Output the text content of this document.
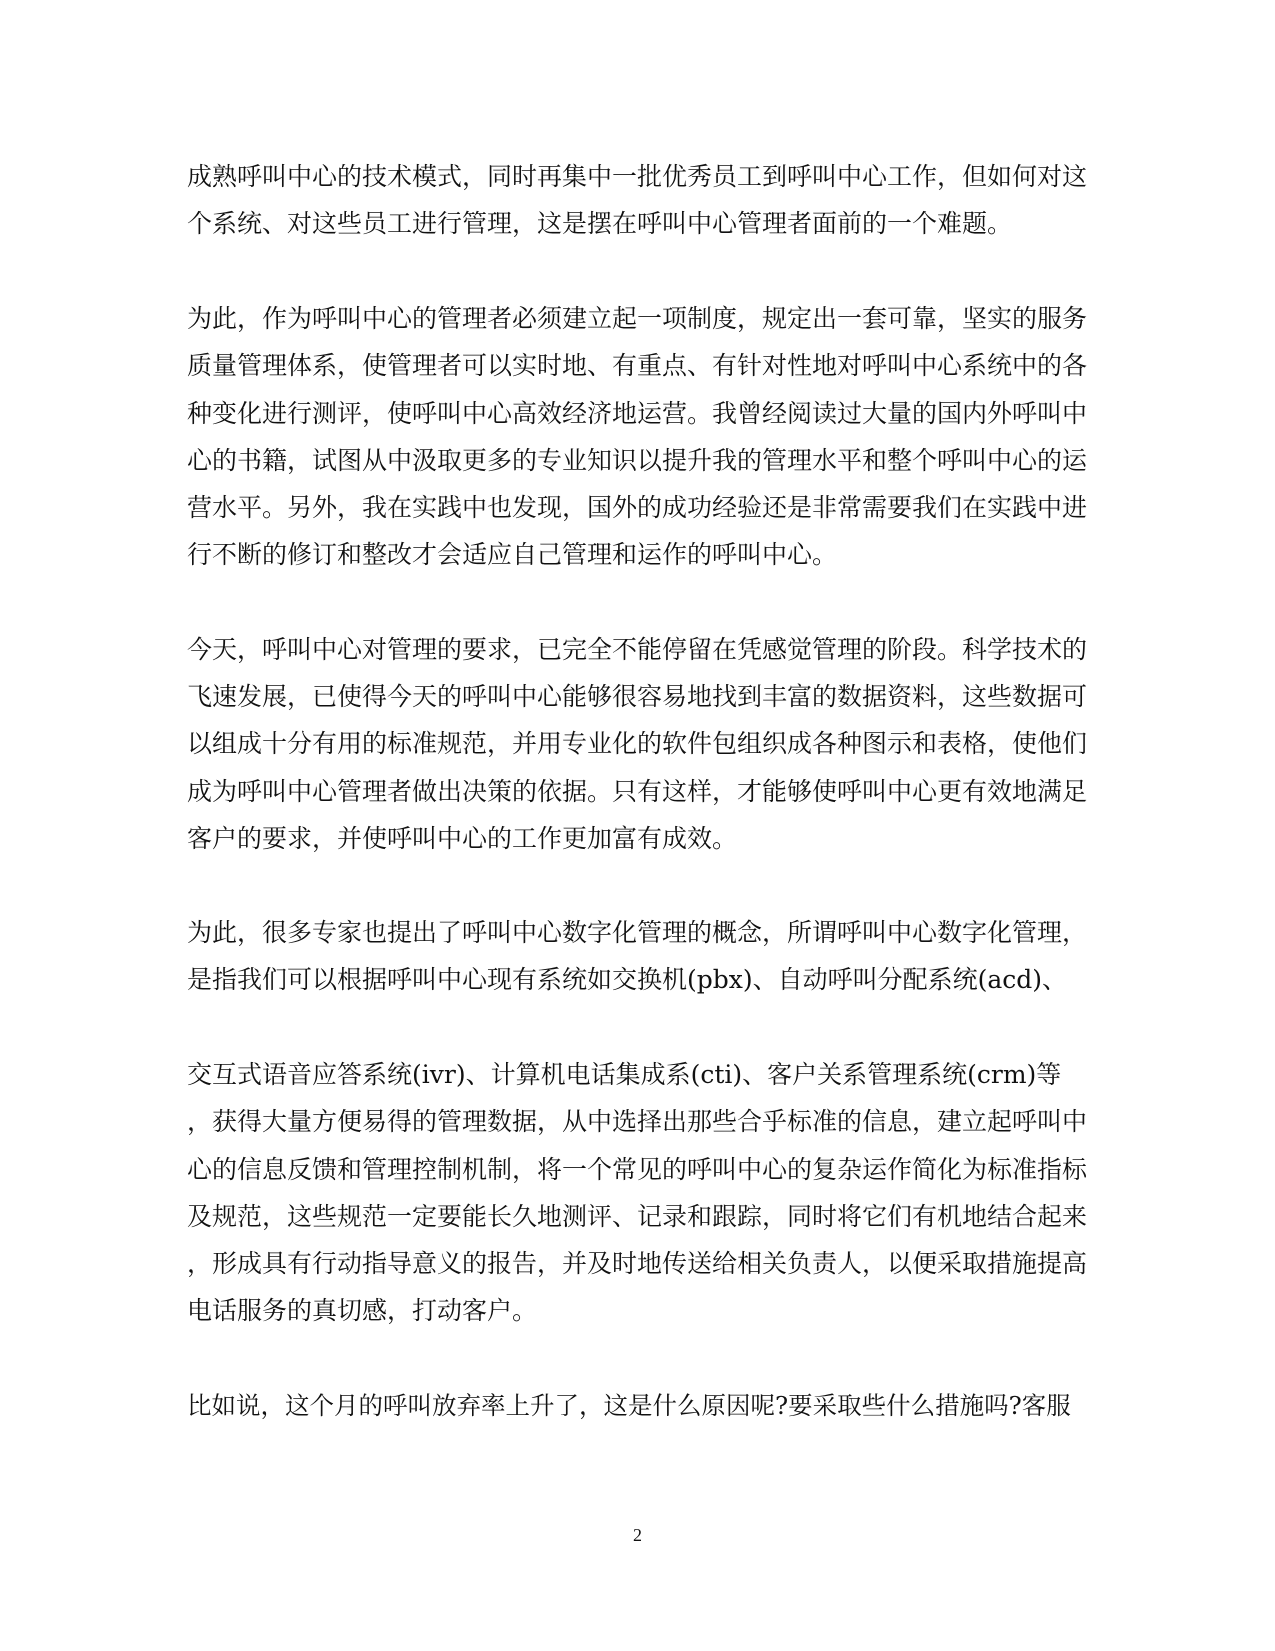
成熟呼叫中心的技术模式，同时再集中一批优秀员工到呼叫中心工作，但如何对这
个系统、对这些员工进行管理，这是摆在呼叫中心管理者面前的一个难题。
为此，作为呼叫中心的管理者必须建立起一项制度，规定出一套可靠，坚实的服务
质量管理体系，使管理者可以实时地、有重点、有针对性地对呼叫中心系统中的各
种变化进行测评，使呼叫中心高效经济地运营。我曾经阅读过大量的国内外呼叫中
心的书籍，试图从中汲取更多的专业知识以提升我的管理水平和整个呼叫中心的运
营水平。另外，我在实践中也发现，国外的成功经验还是非常需要我们在实践中进
行不断的修订和整改才会适应自己管理和运作的呼叫中心。
今天，呼叫中心对管理的要求，已完全不能停留在凭感觉管理的阶段。科学技术的
飞速发展，已使得今天的呼叫中心能够很容易地找到丰富的数据资料，这些数据可
以组成十分有用的标准规范，并用专业化的软件包组织成各种图示和表格，使他们
成为呼叫中心管理者做出决策的依据。只有这样，才能够使呼叫中心更有效地满足
客户的要求，并使呼叫中心的工作更加富有成效。
为此，很多专家也提出了呼叫中心数字化管理的概念，所谓呼叫中心数字化管理，
是指我们可以根据呼叫中心现有系统如交换机(pbx)、自动呼叫分配系统(acd)、
交互式语音应答系统(ivr)、计算机电话集成系(cti)、客户关系管理系统(crm)等
，获得大量方便易得的管理数据，从中选择出那些合乎标准的信息，建立起呼叫中
心的信息反馈和管理控制机制，将一个常见的呼叫中心的复杂运作简化为标准指标
及规范，这些规范一定要能长久地测评、记录和跟踪，同时将它们有机地结合起来
，形成具有行动指导意义的报告，并及时地传送给相关负责人，以便采取措施提高
电话服务的真切感，打动客户。
比如说，这个月的呼叫放弃率上升了，这是什么原因呢?要采取些什么措施吗?客服
2
